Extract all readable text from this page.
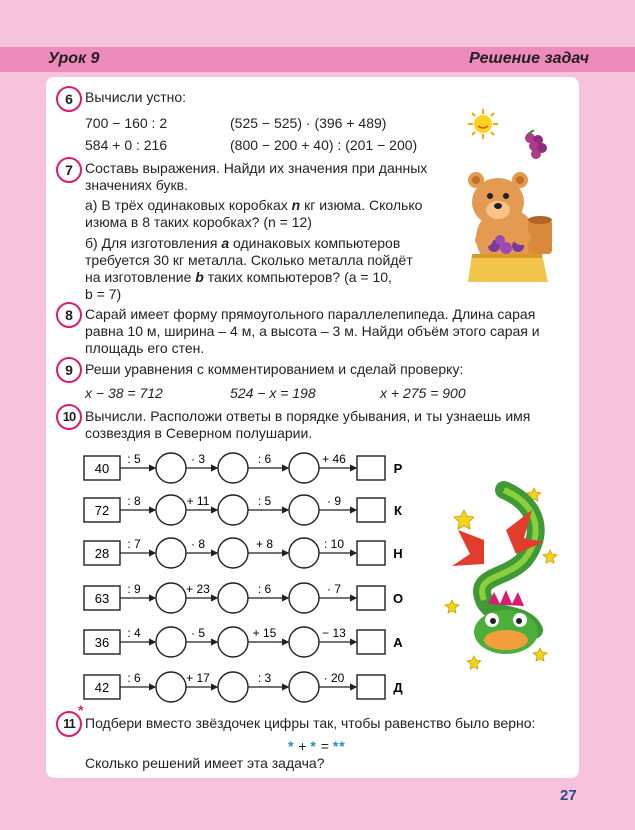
Урок 9	Решение задач
6 Вычисли устно:
700 − 160 : 2	(525 − 525) · (396 + 489)
584 + 0 : 216	(800 − 200 + 40) : (201 − 200)
7 Составь выражения. Найди их значения при данных
значениях букв.
а) В трёх одинаковых коробках n кг изюма. Сколько
изюма в 8 таких коробках? (n = 12)
б) Для изготовления a одинаковых компьютеров
требуется 30 кг металла. Сколько металла пойдёт
на изготовление b таких компьютеров? (a = 10,
b = 7)
8 Сарай имеет форму прямоугольного параллелепипеда. Длина сарая
равна 10 м, ширина – 4 м, а высота – 3 м. Найди объём этого сарая и
площадь его стен.
9 Реши уравнения с комментированием и сделай проверку:
x − 38 = 712	524 − x = 198	x + 275 = 900
10 Вычисли. Расположи ответы в порядке убывания, и ты узнаешь имя
созвездия в Северном полушарии.
40
: 5	· 3	: 6	+ 46
Р
72
: 8	+ 11	: 5	· 9
К
28
: 7	· 8	+ 8	: 10
Н
63
: 9	+ 23	: 6	· 7
О
36
: 4	· 5	+ 15	− 13
А
42
: 6	+ 17	: 3	· 20
Д
11
*
Подбери вместо звёздочек цифры так, чтобы равенство было верно:
* + * = **
Сколько решений имеет эта задача?
27
